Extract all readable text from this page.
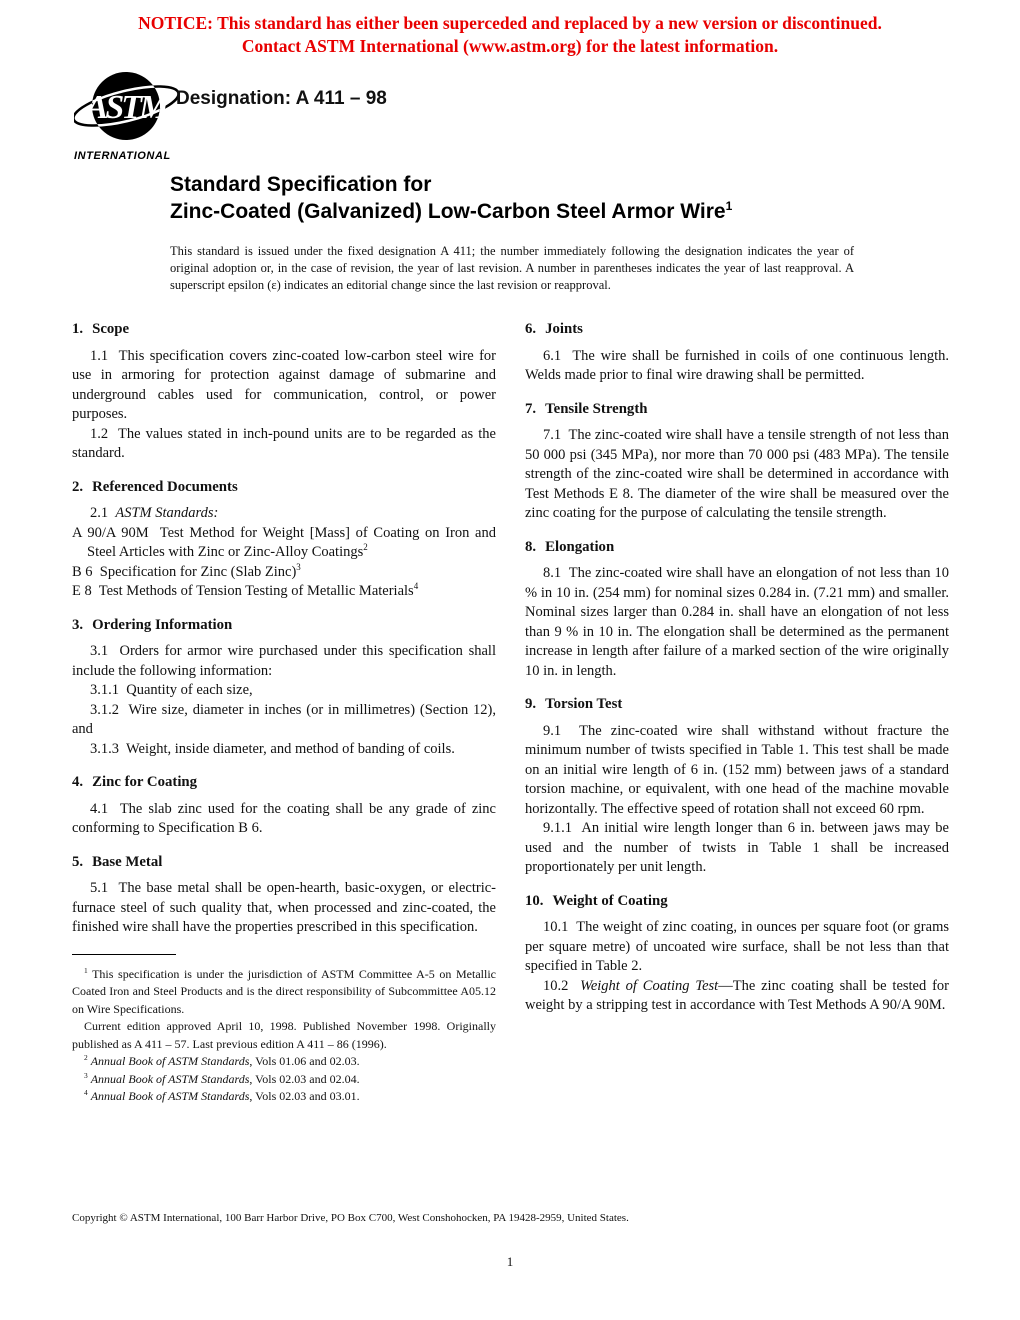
NOTICE: This standard has either been superceded and replaced by a new version or discontinued.
Contact ASTM International (www.astm.org) for the latest information.
ASTM
INTERNATIONAL
Designation: A 411 – 98
Standard Specification for
Zinc-Coated (Galvanized) Low-Carbon Steel Armor Wire$^1$
This standard is issued under the fixed designation A 411; the number immediately following the designation indicates the year of original adoption or, in the case of revision, the year of last revision. A number in parentheses indicates the year of last reapproval. A superscript epsilon (ε) indicates an editorial change since the last revision or reapproval.
1. Scope

1.1  This specification covers zinc-coated low-carbon steel wire for use in armoring for protection against damage of submarine and underground cables used for communication, control, or power purposes.

1.2  The values stated in inch-pound units are to be regarded as the standard.

2. Referenced Documents

2.1  ASTM Standards:

A 90/A 90M  Test Method for Weight [Mass] of Coating on Iron and Steel Articles with Zinc or Zinc-Alloy Coatings$^2$

B 6  Specification for Zinc (Slab Zinc)$^3$

E 8  Test Methods of Tension Testing of Metallic Materials$^4$

3. Ordering Information

3.1  Orders for armor wire purchased under this specification shall include the following information:

3.1.1  Quantity of each size,

3.1.2  Wire size, diameter in inches (or in millimetres) (Section 12), and

3.1.3  Weight, inside diameter, and method of banding of coils.

4. Zinc for Coating

4.1  The slab zinc used for the coating shall be any grade of zinc conforming to Specification B 6.

5. Base Metal

5.1  The base metal shall be open-hearth, basic-oxygen, or electric-furnace steel of such quality that, when processed and zinc-coated, the finished wire shall have the properties prescribed in this specification.

$^1$ This specification is under the jurisdiction of ASTM Committee A-5 on Metallic Coated Iron and Steel Products and is the direct responsibility of Subcommittee A05.12 on Wire Specifications.

Current edition approved April 10, 1998. Published November 1998. Originally published as A 411 – 57. Last previous edition A 411 – 86 (1996).

$^2$ Annual Book of ASTM Standards, Vols 01.06 and 02.03.

$^3$ Annual Book of ASTM Standards, Vols 02.03 and 02.04.

$^4$ Annual Book of ASTM Standards, Vols 02.03 and 03.01.

6. Joints

6.1  The wire shall be furnished in coils of one continuous length. Welds made prior to final wire drawing shall be permitted.

7. Tensile Strength

7.1  The zinc-coated wire shall have a tensile strength of not less than 50 000 psi (345 MPa), nor more than 70 000 psi (483 MPa). The tensile strength of the zinc-coated wire shall be determined in accordance with Test Methods E 8. The diameter of the wire shall be measured over the zinc coating for the purpose of calculating the tensile strength.

8. Elongation

8.1  The zinc-coated wire shall have an elongation of not less than 10 % in 10 in. (254 mm) for nominal sizes 0.284 in. (7.21 mm) and smaller. Nominal sizes larger than 0.284 in. shall have an elongation of not less than 9 % in 10 in. The elongation shall be determined as the permanent increase in length after failure of a marked section of the wire originally 10 in. in length.

9. Torsion Test

9.1  The zinc-coated wire shall withstand without fracture the minimum number of twists specified in Table 1. This test shall be made on an initial wire length of 6 in. (152 mm) between jaws of a standard torsion machine, or equivalent, with one head of the machine movable horizontally. The effective speed of rotation shall not exceed 60 rpm.

9.1.1  An initial wire length longer than 6 in. between jaws may be used and the number of twists in Table 1 shall be increased proportionately per unit length.

10. Weight of Coating

10.1  The weight of zinc coating, in ounces per square foot (or grams per square metre) of uncoated wire surface, shall be not less than that specified in Table 2.

10.2  Weight of Coating Test—The zinc coating shall be tested for weight by a stripping test in accordance with Test Methods A 90/A 90M.

Copyright © ASTM International, 100 Barr Harbor Drive, PO Box C700, West Conshohocken, PA 19428-2959, United States.
1
